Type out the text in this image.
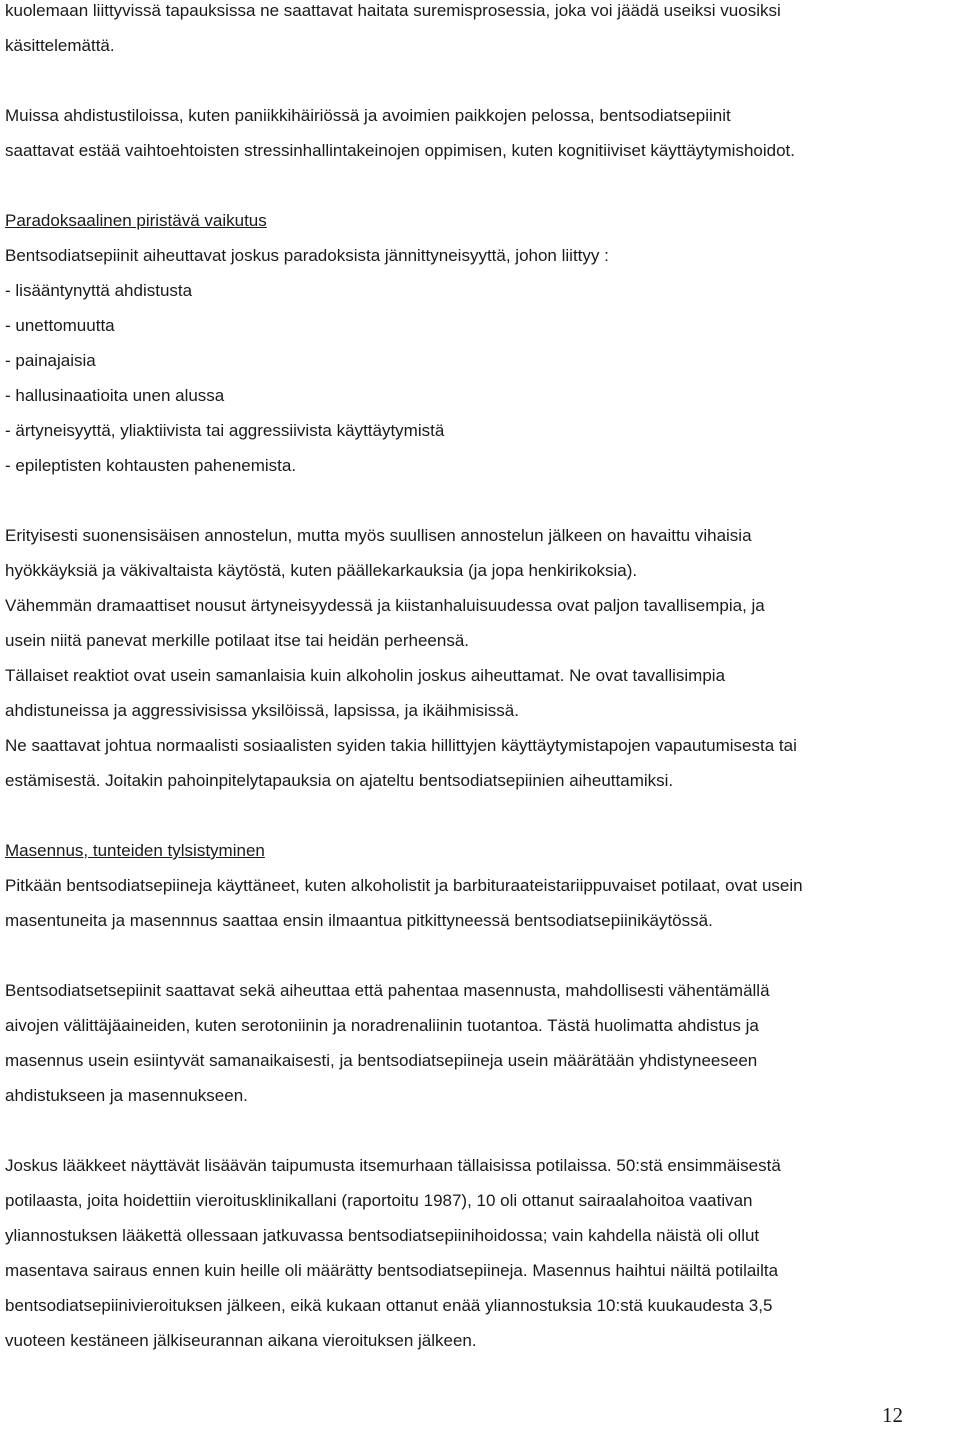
kuolemaan liittyvissä tapauksissa ne saattavat haitata suremisprosessia, joka voi jäädä useiksi vuosiksi

käsittelemättä.

Muissa ahdistustiloissa, kuten paniikkihäiriössä ja avoimien paikkojen pelossa, bentsodiatsepiinit

saattavat estää vaihtoehtoisten stressinhallintakeinojen oppimisen, kuten kognitiiviset käyttäytymishoidot.

Paradoksaalinen piristävä vaikutus

Bentsodiatsepiinit aiheuttavat joskus paradoksista jännittyneisyyttä, johon liittyy :

- lisääntynyttä ahdistusta

- unettomuutta

- painajaisia

- hallusinaatioita unen alussa

- ärtyneisyyttä, yliaktiivista tai aggressiivista käyttäytymistä

- epileptisten kohtausten pahenemista.

Erityisesti suonensisäisen annostelun, mutta myös suullisen annostelun jälkeen on havaittu vihaisia

hyökkäyksiä ja väkivaltaista käytöstä, kuten päällekarkauksia (ja jopa henkirikoksia).

Vähemmän dramaattiset nousut ärtyneisyydessä ja kiistanhaluisuudessa ovat paljon tavallisempia, ja

usein niitä panevat merkille potilaat itse tai heidän perheensä.

Tällaiset reaktiot ovat usein samanlaisia kuin alkoholin joskus aiheuttamat. Ne ovat tavallisimpia

ahdistuneissa ja aggressivisissa yksilöissä, lapsissa, ja ikäihmisissä.

Ne saattavat johtua normaalisti sosiaalisten syiden takia hillittyjen käyttäytymistapojen vapautumisesta tai

estämisestä. Joitakin pahoinpitelytapauksia on ajateltu bentsodiatsepiinien aiheuttamiksi.

Masennus, tunteiden tylsistyminen

Pitkään bentsodiatsepiineja käyttäneet, kuten alkoholistit ja barbituraateistariippuvaiset potilaat, ovat usein

masentuneita ja masennnus saattaa ensin ilmaantua pitkittyneessä bentsodiatsepiinikäytössä.

Bentsodiatsetsepiinit saattavat sekä aiheuttaa että pahentaa masennusta, mahdollisesti vähentämällä

aivojen välittäjäaineiden, kuten serotoniinin ja noradrenaliinin tuotantoa. Tästä huolimatta ahdistus ja

masennus usein esiintyvät samanaikaisesti, ja bentsodiatsepiineja usein määrätään yhdistyneeseen

ahdistukseen ja masennukseen.

Joskus lääkkeet näyttävät lisäävän taipumusta itsemurhaan tällaisissa potilaissa. 50:stä ensimmäisestä

potilaasta, joita hoidettiin vieroitusklinikallani (raportoitu 1987), 10 oli ottanut sairaalahoitoa vaativan

yliannostuksen lääkettä ollessaan jatkuvassa bentsodiatsepiinihoidossa; vain kahdella näistä oli ollut

masentava sairaus ennen kuin heille oli määrätty bentsodiatsepiineja. Masennus haihtui näiltä potilailta

bentsodiatsepiinivieroituksen jälkeen, eikä kukaan ottanut enää yliannostuksia 10:stä kuukaudesta 3,5

vuoteen kestäneen jälkiseurannan aikana vieroituksen jälkeen.

12
